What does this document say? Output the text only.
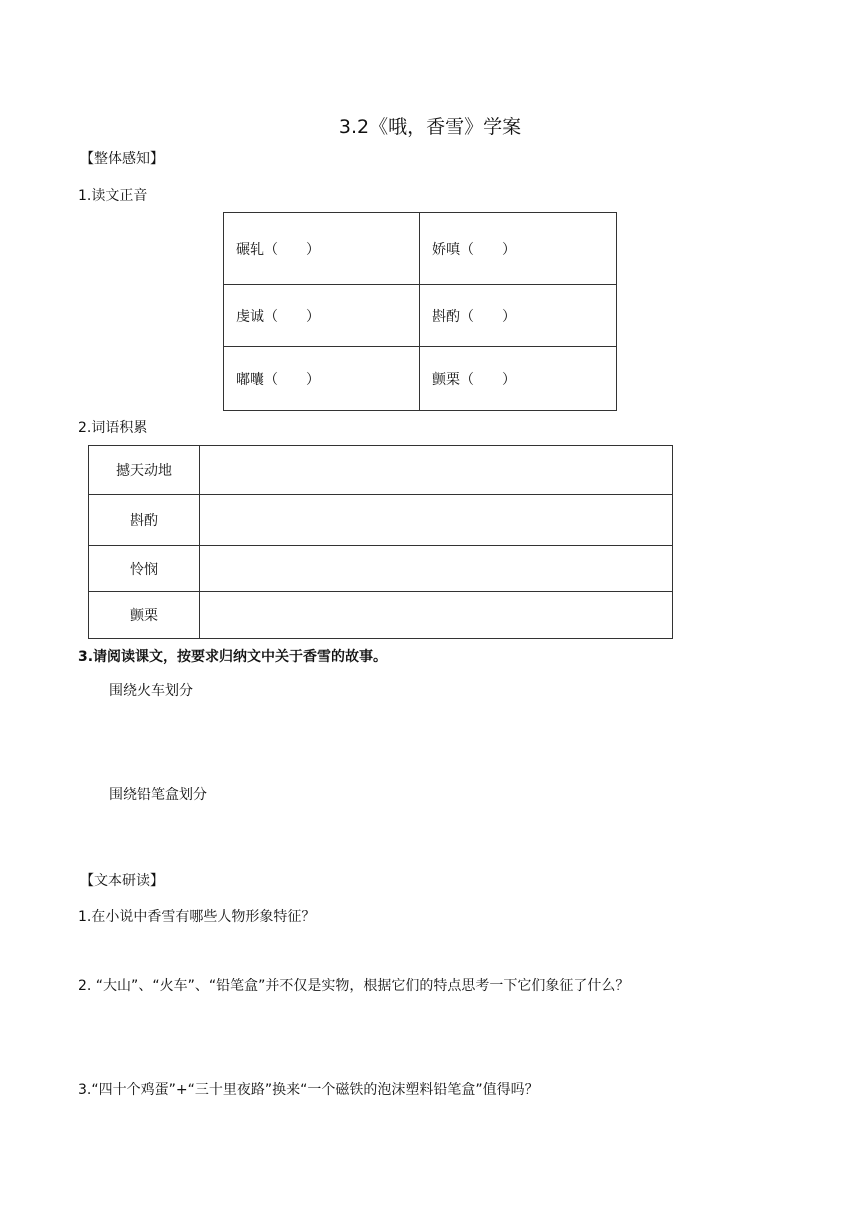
3.2《哦，香雪》学案
【整体感知】
1.读文正音
碾轧（　　）	娇嗔（　　）
虔诚（　　）	斟酌（　　）
嘟囔（　　）	颤栗（　　）
2.词语积累
撼天动地	
斟酌	
怜悯	
颤栗	
3.请阅读课文，按要求归纳文中关于香雪的故事。
围绕火车划分
围绕铅笔盒划分
【文本研读】
1.在小说中香雪有哪些人物形象特征？
2. “大山”、“火车”、“铅笔盒”并不仅是实物，根据它们的特点思考一下它们象征了什么？
3.“四十个鸡蛋”+“三十里夜路”换来“一个磁铁的泡沫塑料铅笔盒”值得吗？
